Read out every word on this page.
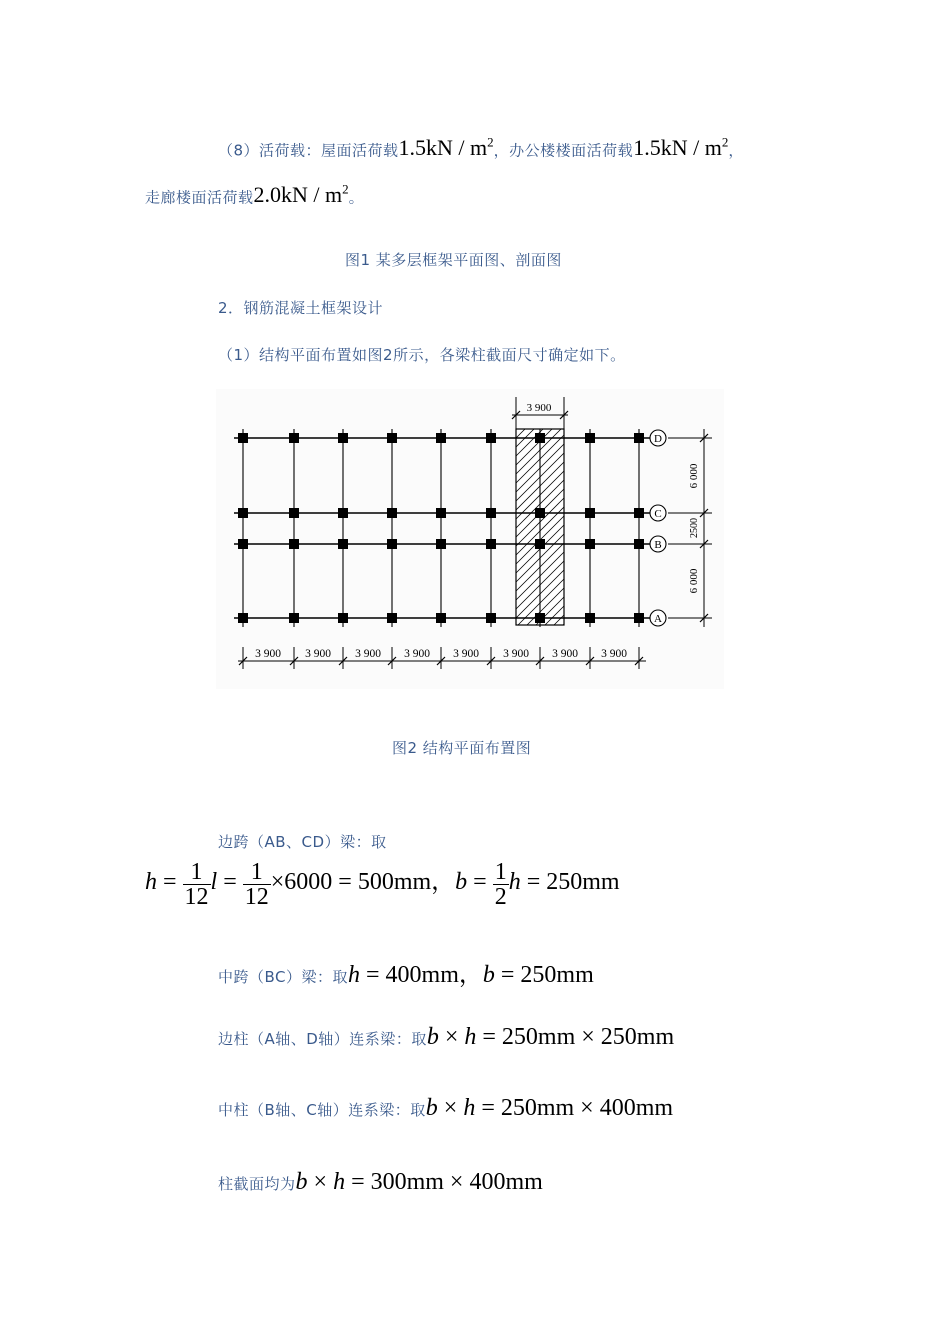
（8）活荷载：屋面活荷载$1.5kN / m^2$，办公楼楼面活荷载$1.5kN / m^2$，
走廊楼面活荷载$2.0kN / m^2$。
图1 某多层框架平面图、剖面图
2．钢筋混凝土框架设计
（1）结构平面布置如图2所示，各梁柱截面尺寸确定如下。
3 900
3 900 3 900 3 900 3 900 3 900 3 900 3 900 3 900
D
C
B
A
6 000
2500
6 000
图2 结构平面布置图
边跨（AB、CD）梁：取
$h = \frac{1}{12}$ $l = \frac{1}{12} \times 6000 = 500mm$，$b = \frac{1}{2}$ h = 250mm
中跨（BC）梁：取h = 400mm，b = 250mm
边柱（A轴、D轴）连系梁：取b × h = 250mm × 250mm
中柱（B轴、C轴）连系梁：取b × h = 250mm × 400mm
柱截面均为b × h = 300mm × 400mm
